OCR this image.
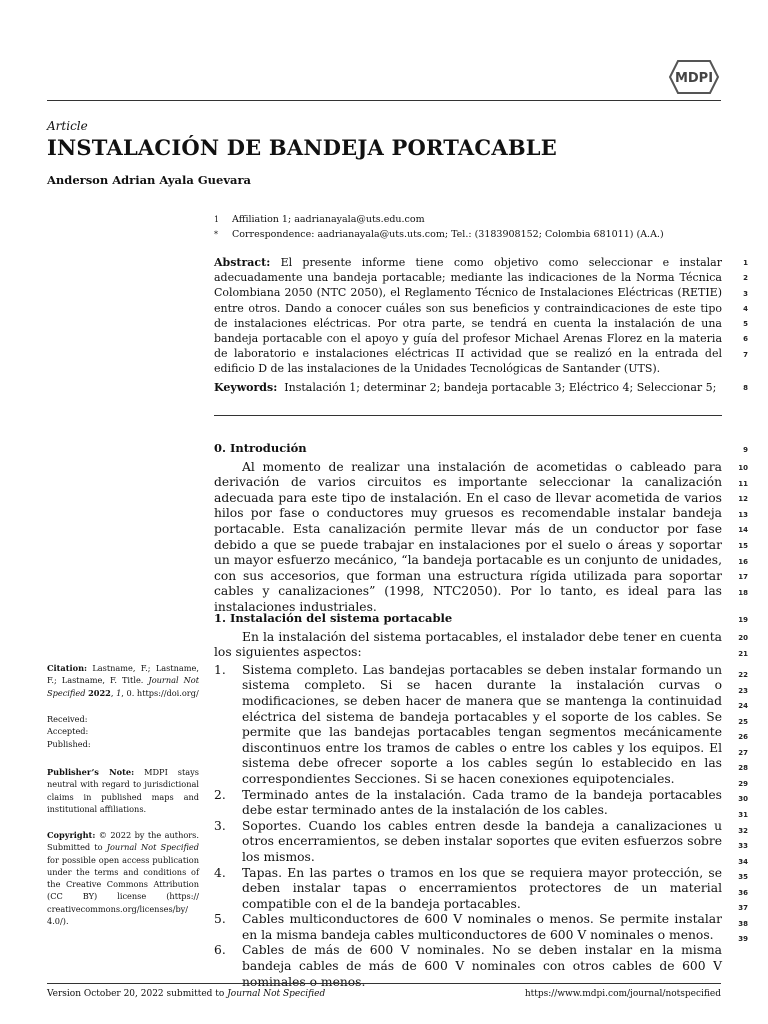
MDPI
Article
INSTALACIÓN DE BANDEJA PORTACABLE
Anderson Adrian Ayala Guevara
1 Affiliation 1; aadrianayala@uts.edu.com
* Correspondence: aadrianayala@uts.uts.com; Tel.: (3183908152; Colombia 681011) (A.A.)
Abstract: El presente informe tiene como objetivo como seleccionar e instalar adecuadamente una bandeja portacable; mediante las indicaciones de la Norma Técnica Colombiana 2050 (NTC 2050), el Reglamento Técnico de Instalaciones Eléctricas (RETIE) entre otros. Dando a conocer cuáles son sus beneficios y contraindicaciones de este tipo de instalaciones eléctricas. Por otra parte, se tendrá en cuenta la instalación de una bandeja portacable con el apoyo y guía del profesor Michael Arenas Florez en la materia de laboratorio e instalaciones eléctricas II actividad que se realizó en la entrada del edificio D de las instalaciones de la Unidades Tecnológicas de Santander (UTS).
Keywords: Instalación 1; determinar 2; bandeja portacable 3; Eléctrico 4; Seleccionar 5;
0. Introdución
Al momento de realizar una instalación de acometidas o cableado para derivación de varios circuitos es importante seleccionar la canalización adecuada para este tipo de instalación. En el caso de llevar acometida de varios hilos por fase o conductores muy gruesos es recomendable instalar bandeja portacable. Esta canalización permite llevar más de un conductor por fase debido a que se puede trabajar en instalaciones por el suelo o áreas y soportar un mayor esfuerzo mecánico, “la bandeja portacable es un conjunto de unidades, con sus accesorios, que forman una estructura rígida utilizada para soportar cables y canalizaciones” (1998, NTC2050). Por lo tanto, es ideal para las instalaciones industriales.
1. Instalación del sistema portacable
En la instalación del sistema portacables, el instalador debe tener en cuenta los siguientes aspectos:
1. Sistema completo. Las bandejas portacables se deben instalar formando un sistema completo. Si se hacen durante la instalación curvas o modificaciones, se deben hacer de manera que se mantenga la continuidad eléctrica del sistema de bandeja portacables y el soporte de los cables. Se permite que las bandejas portacables tengan segmentos mecánicamente discontinuos entre los tramos de cables o entre los cables y los equipos. El sistema debe ofrecer soporte a los cables según lo establecido en las correspondientes Secciones. Si se hacen conexiones equipotenciales.
2. Terminado antes de la instalación. Cada tramo de la bandeja portacables debe estar terminado antes de la instalación de los cables.
3. Soportes. Cuando los cables entren desde la bandeja a canalizaciones u otros encerramientos, se deben instalar soportes que eviten esfuerzos sobre los mismos.
4. Tapas. En las partes o tramos en los que se requiera mayor protección, se deben instalar tapas o encerramientos protectores de un material compatible con el de la bandeja portacables.
5. Cables multiconductores de 600 V nominales o menos. Se permite instalar en la misma bandeja cables multiconductores de 600 V nominales o menos.
6. Cables de más de 600 V nominales. No se deben instalar en la misma bandeja cables de más de 600 V nominales con otros cables de 600 V nominales o menos.
1
2
3
4
5
6
7
8
9
10
11
12
13
14
15
16
17
18
19
20
21
22
23
24
25
26
27
28
29
30
31
32
33
34
35
36
37
38
39
Citation: Lastname, F.; Lastname, F.; Lastname, F. Title. Journal Not Specified 2022, 1, 0. https://doi.org/
Received:
Accepted:
Published:
Publisher’s Note: MDPI stays neutral with regard to jurisdictional claims in published maps and institutional affiliations.
Copyright: © 2022 by the authors. Submitted to Journal Not Specified for possible open access publication under the terms and conditions of the Creative Commons Attribution (CC BY) license (https:// creativecommons.org/licenses/by/ 4.0/).
Version October 20, 2022 submitted to Journal Not Specified	https://www.mdpi.com/journal/notspecified
